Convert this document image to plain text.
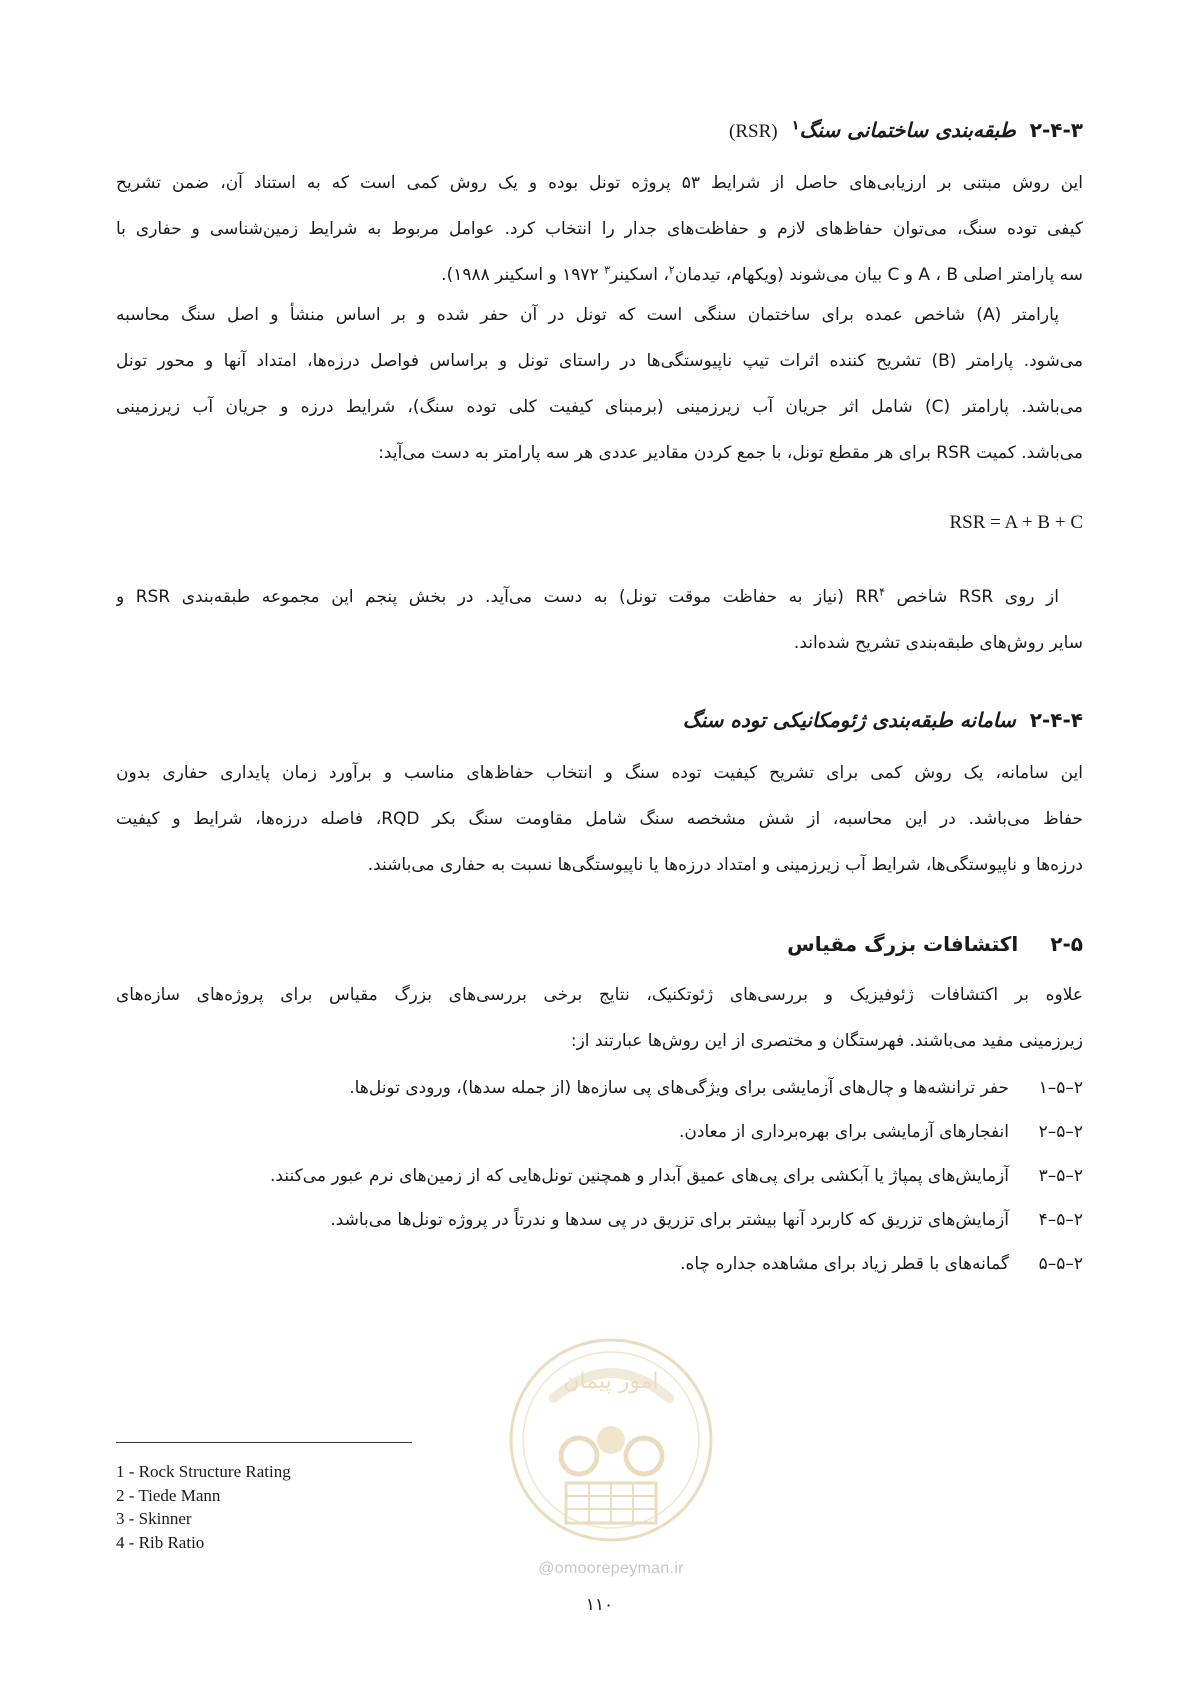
۲-۴-۳طبقه‌بندی ساختمانی سنگ$^۱$  (RSR)
این روش مبتنی بر ارزیابی‌های حاصل از شرایط ۵۳ پروژه تونل بوده و یک روش کمی است که به استناد آن، ضمن تشریح
کیفی توده سنگ، می‌توان حفاظ‌های لازم و حفاظت‌های جدار را انتخاب کرد. عوامل مربوط به شرایط زمین‌شناسی و حفاری با
سه پارامتر اصلی A ، B و C بیان می‌شوند (ویکهام، تیدمان$^۲$، اسکینر$^۳$ ۱۹۷۲ و اسکینر ۱۹۸۸).
پارامتر (A) شاخص عمده برای ساختمان سنگی است که تونل در آن حفر شده و بر اساس منشأ و اصل سنگ محاسبه
می‌شود. پارامتر (B) تشریح کننده اثرات تیپ ناپیوستگی‌ها در راستای تونل و براساس فواصل درزه‌ها، امتداد آنها و محور تونل
می‌باشد. پارامتر (C) شامل اثر جریان آب زیرزمینی (برمبنای کیفیت کلی توده سنگ)، شرایط درزه و جریان آب زیرزمینی
می‌باشد. کمیت RSR برای هر مقطع تونل، با جمع کردن مقادیر عددی هر سه پارامتر به دست می‌آید:
RSR = A + B + C
از روی RSR شاخص $RR^۴$ (نیاز به حفاظت موقت تونل) به دست می‌آید. در بخش پنجم این مجموعه طبقه‌بندی RSR و
سایر روش‌های طبقه‌بندی تشریح شده‌اند.
۲-۴-۴سامانه طبقه‌بندی ژئومکانیکی توده سنگ
این سامانه، یک روش کمی برای تشریح کیفیت توده سنگ و انتخاب حفاظ‌های مناسب و برآورد زمان پایداری حفاری بدون
حفاظ می‌باشد. در این محاسبه، از شش مشخصه سنگ شامل مقاومت سنگ بکر RQD، فاصله درزه‌ها، شرایط و کیفیت
درزه‌ها و ناپیوستگی‌ها، شرایط آب زیرزمینی و امتداد درزه‌ها یا ناپیوستگی‌ها نسبت به حفاری می‌باشند.
۲-۵اکتشافات بزرگ مقیاس
علاوه بر اکتشافات ژئوفیزیک و بررسی‌های ژئوتکنیک، نتایج برخی بررسی‌های بزرگ مقیاس برای پروژه‌های سازه‌های
زیرزمینی مفید می‌باشند. فهرستگان و مختصری از این روش‌ها عبارتند از:
۲–۵–۱حفر ترانشه‌ها و چال‌های آزمایشی برای ویژگی‌های پی سازه‌ها (از جمله سدها)، ورودی تونل‌ها.
۲–۵–۲انفجارهای آزمایشی برای بهره‌برداری از معادن.
۲–۵–۳آزمایش‌های پمپاژ یا آبکشی برای پی‌های عمیق آبدار و همچنین تونل‌هایی که از زمین‌های نرم عبور می‌کنند.
۲–۵–۴آزمایش‌های تزریق که کاربرد آنها بیشتر برای تزریق در پی سدها و ندرتاً در پروژه تونل‌ها می‌باشد.
۲–۵–۵گمانه‌های با قطر زیاد برای مشاهده جداره چاه.
امور پیمان
@omoorepeyman.ir
1 - Rock Structure Rating
2 - Tiede Mann
3 - Skinner
4 - Rib Ratio
۱۱۰
